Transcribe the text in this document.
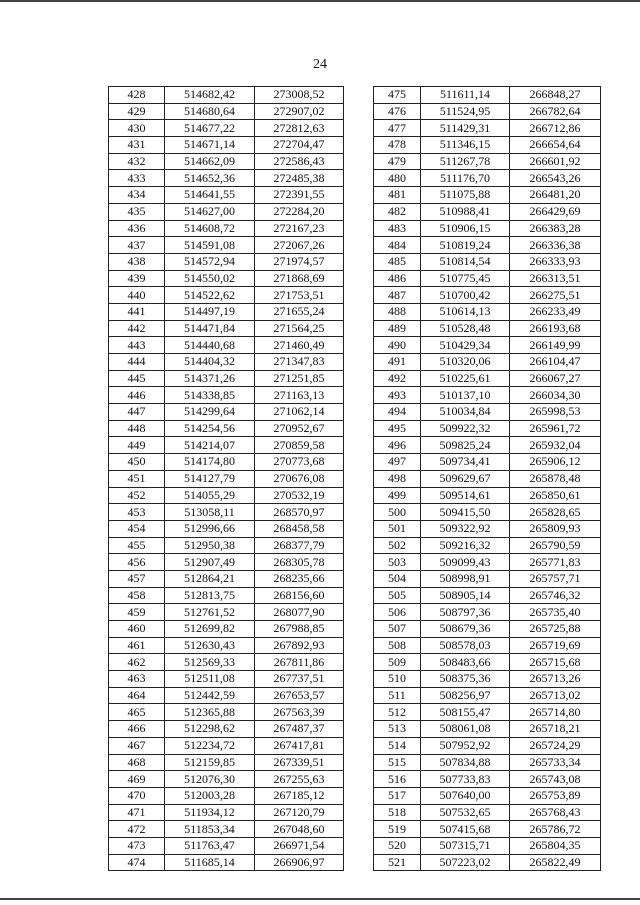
24
428	514682,42	273008,52
429	514680,64	272907,02
430	514677,22	272812,63
431	514671,14	272704,47
432	514662,09	272586,43
433	514652,36	272485,38
434	514641,55	272391,55
435	514627,00	272284,20
436	514608,72	272167,23
437	514591,08	272067,26
438	514572,94	271974,57
439	514550,02	271868,69
440	514522,62	271753,51
441	514497,19	271655,24
442	514471,84	271564,25
443	514440,68	271460,49
444	514404,32	271347,83
445	514371,26	271251,85
446	514338,85	271163,13
447	514299,64	271062,14
448	514254,56	270952,67
449	514214,07	270859,58
450	514174,80	270773,68
451	514127,79	270676,08
452	514055,29	270532,19
453	513058,11	268570,97
454	512996,66	268458,58
455	512950,38	268377,79
456	512907,49	268305,78
457	512864,21	268235,66
458	512813,75	268156,60
459	512761,52	268077,90
460	512699,82	267988,85
461	512630,43	267892,93
462	512569,33	267811,86
463	512511,08	267737,51
464	512442,59	267653,57
465	512365,88	267563,39
466	512298,62	267487,37
467	512234,72	267417,81
468	512159,85	267339,51
469	512076,30	267255,63
470	512003,28	267185,12
471	511934,12	267120,79
472	511853,34	267048,60
473	511763,47	266971,54
474	511685,14	266906,97
475	511611,14	266848,27
476	511524,95	266782,64
477	511429,31	266712,86
478	511346,15	266654,64
479	511267,78	266601,92
480	511176,70	266543,26
481	511075,88	266481,20
482	510988,41	266429,69
483	510906,15	266383,28
484	510819,24	266336,38
485	510814,54	266333,93
486	510775,45	266313,51
487	510700,42	266275,51
488	510614,13	266233,49
489	510528,48	266193,68
490	510429,34	266149,99
491	510320,06	266104,47
492	510225,61	266067,27
493	510137,10	266034,30
494	510034,84	265998,53
495	509922,32	265961,72
496	509825,24	265932,04
497	509734,41	265906,12
498	509629,67	265878,48
499	509514,61	265850,61
500	509415,50	265828,65
501	509322,92	265809,93
502	509216,32	265790,59
503	509099,43	265771,83
504	508998,91	265757,71
505	508905,14	265746,32
506	508797,36	265735,40
507	508679,36	265725,88
508	508578,03	265719,69
509	508483,66	265715,68
510	508375,36	265713,26
511	508256,97	265713,02
512	508155,47	265714,80
513	508061,08	265718,21
514	507952,92	265724,29
515	507834,88	265733,34
516	507733,83	265743,08
517	507640,00	265753,89
518	507532,65	265768,43
519	507415,68	265786,72
520	507315,71	265804,35
521	507223,02	265822,49
